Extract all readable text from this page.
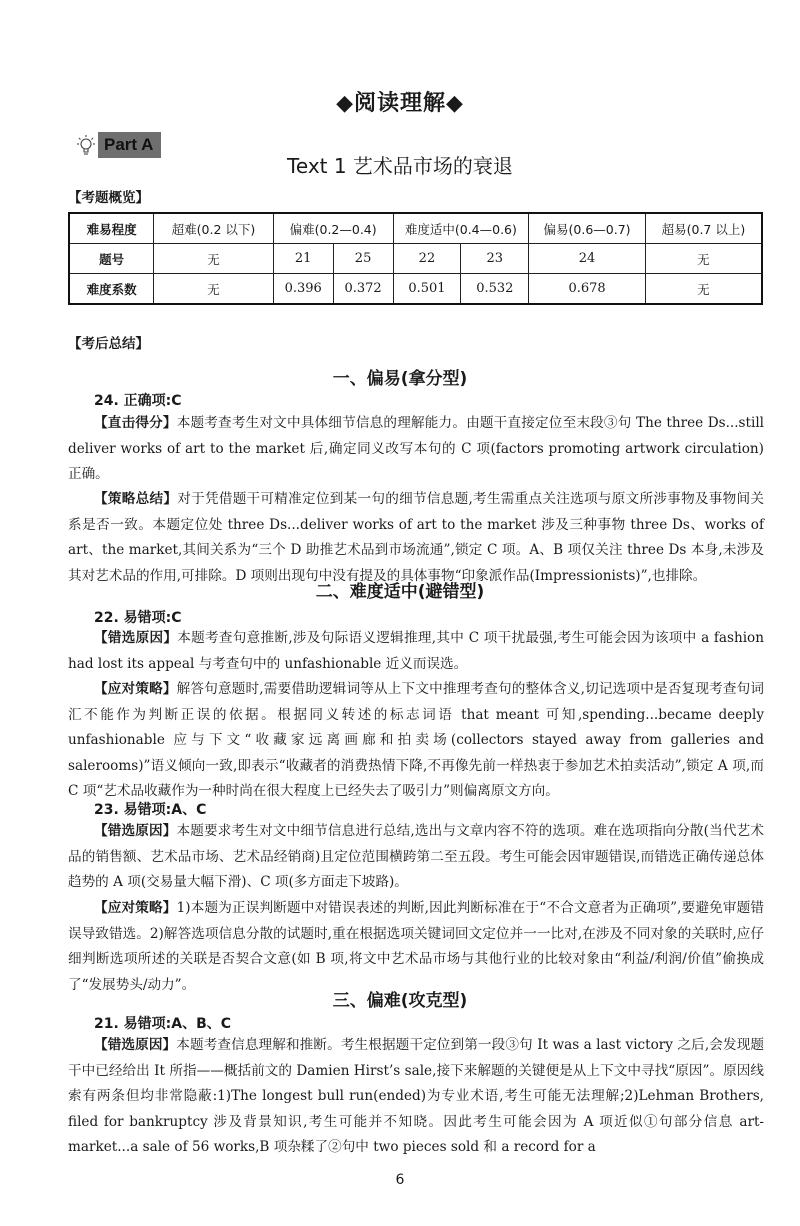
◆阅读理解◆
Part A
Text 1 艺术品市场的衰退
【考题概览】
难易程度	超难(0.2 以下)	偏难(0.2—0.4)		难度适中(0.4—0.6)		偏易(0.6—0.7)	超易(0.7 以上)
题号	无	21	25	22	23	24	无
难度系数	无	0.396	0.372	0.501	0.532	0.678	无
【考后总结】
一、偏易(拿分型)
24. 正确项:C
【直击得分】本题考查考生对文中具体细节信息的理解能力。由题干直接定位至末段③句 The three Ds...still deliver works of art to the market 后,确定同义改写本句的 C 项(factors promoting artwork circulation)正确。
【策略总结】对于凭借题干可精准定位到某一句的细节信息题,考生需重点关注选项与原文所涉事物及事物间关系是否一致。本题定位处 three Ds...deliver works of art to the market 涉及三种事物 three Ds、works of art、the market,其间关系为“三个 D 助推艺术品到市场流通”,锁定 C 项。A、B 项仅关注 three Ds 本身,未涉及其对艺术品的作用,可排除。D 项则出现句中没有提及的具体事物“印象派作品(Impressionists)”,也排除。
二、难度适中(避错型)
22. 易错项:C
【错选原因】本题考查句意推断,涉及句际语义逻辑推理,其中 C 项干扰最强,考生可能会因为该项中 a fashion had lost its appeal 与考查句中的 unfashionable 近义而误选。
【应对策略】解答句意题时,需要借助逻辑词等从上下文中推理考查句的整体含义,切记选项中是否复现考查句词汇不能作为判断正误的依据。根据同义转述的标志词语 that meant 可知,spending...became deeply unfashionable 应与下文“收藏家远离画廊和拍卖场(collectors stayed away from galleries and salerooms)”语义倾向一致,即表示“收藏者的消费热情下降,不再像先前一样热衷于参加艺术拍卖活动”,锁定 A 项,而 C 项“艺术品收藏作为一种时尚在很大程度上已经失去了吸引力”则偏离原文方向。
23. 易错项:A、C
【错选原因】本题要求考生对文中细节信息进行总结,选出与文章内容不符的选项。难在选项指向分散(当代艺术品的销售额、艺术品市场、艺术品经销商)且定位范围横跨第二至五段。考生可能会因审题错误,而错选正确传递总体趋势的 A 项(交易量大幅下滑)、C 项(多方面走下坡路)。
【应对策略】1)本题为正误判断题中对错误表述的判断,因此判断标准在于“不合文意者为正确项”,要避免审题错误导致错选。2)解答选项信息分散的试题时,重在根据选项关键词回文定位并一一比对,在涉及不同对象的关联时,应仔细判断选项所述的关联是否契合文意(如 B 项,将文中艺术品市场与其他行业的比较对象由“利益/利润/价值”偷换成了“发展势头/动力”。
三、偏难(攻克型)
21. 易错项:A、B、C
【错选原因】本题考查信息理解和推断。考生根据题干定位到第一段③句 It was a last victory 之后,会发现题干中已经给出 It 所指——概括前文的 Damien Hirst’s sale,接下来解题的关键便是从上下文中寻找“原因”。原因线索有两条但均非常隐蔽:1)The longest bull run(ended)为专业术语,考生可能无法理解;2)Lehman Brothers, filed for bankruptcy 涉及背景知识,考生可能并不知晓。因此考生可能会因为 A 项近似①句部分信息 art-market...a sale of 56 works,B 项杂糅了②句中 two pieces sold 和 a record for a
6
